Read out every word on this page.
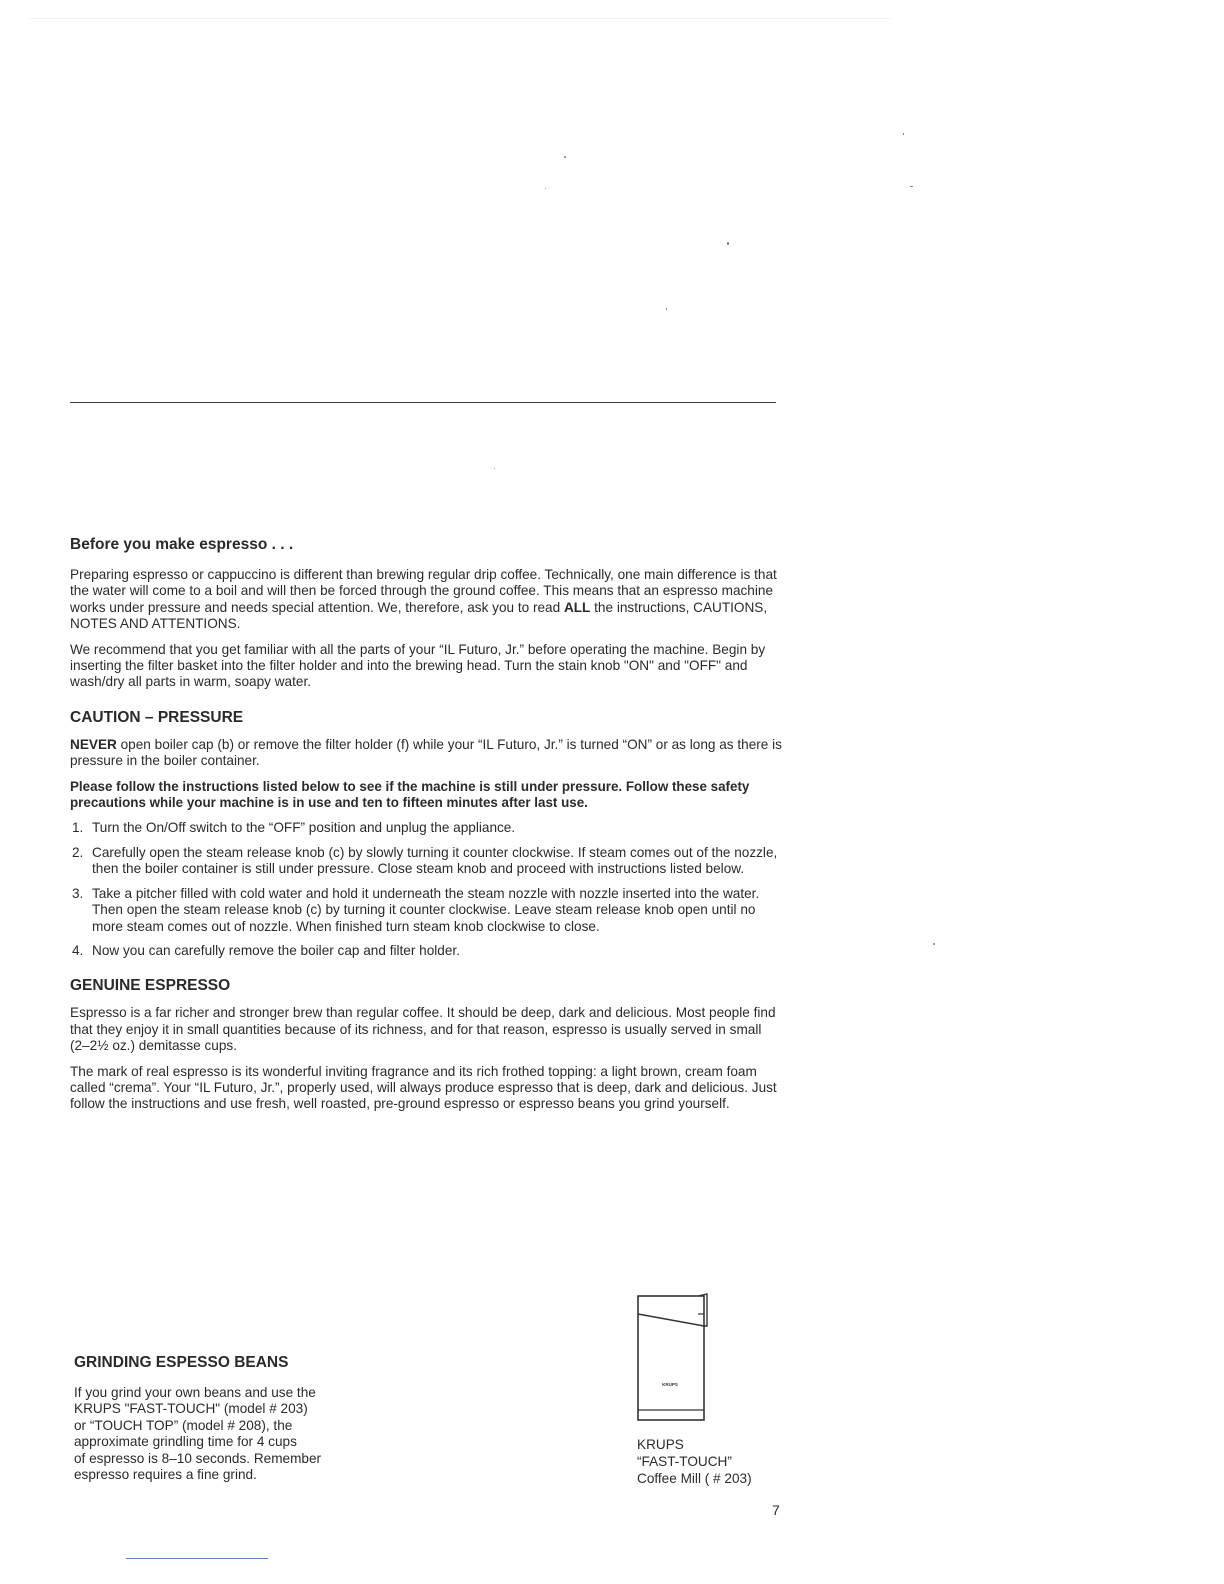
Before you make espresso . . .

Preparing espresso or cappuccino is different than brewing regular drip coffee. Technically, one main difference is that the water will come to a boil and will then be forced through the ground coffee. This means that an espresso machine works under pressure and needs special attention. We, therefore, ask you to read ALL the instructions, CAUTIONS, NOTES AND ATTENTIONS.

We recommend that you get familiar with all the parts of your “IL Futuro, Jr.” before operating the machine. Begin by inserting the filter basket into the filter holder and into the brewing head. Turn the stain knob "ON" and "OFF" and wash/dry all parts in warm, soapy water.

CAUTION – PRESSURE

NEVER open boiler cap (b) or remove the filter holder (f) while your “IL Futuro, Jr.” is turned “ON” or as long as there is pressure in the boiler container.

Please follow the instructions listed below to see if the machine is still under pressure. Follow these safety precautions while your machine is in use and ten to fifteen minutes after last use.

1. Turn the On/Off switch to the “OFF” position and unplug the appliance.
2. Carefully open the steam release knob (c) by slowly turning it counter clockwise. If steam comes out of the nozzle, then the boiler container is still under pressure. Close steam knob and proceed with instructions listed below.
3. Take a pitcher filled with cold water and hold it underneath the steam nozzle with nozzle inserted into the water. Then open the steam release knob (c) by turning it counter clockwise. Leave steam release knob open until no more steam comes out of nozzle. When finished turn steam knob clockwise to close.
4. Now you can carefully remove the boiler cap and filter holder.
GENUINE ESPRESSO

Espresso is a far richer and stronger brew than regular coffee. It should be deep, dark and delicious. Most people find that they enjoy it in small quantities because of its richness, and for that reason, espresso is usually served in small (2–2½ oz.) demitasse cups.

The mark of real espresso is its wonderful inviting fragrance and its rich frothed topping: a light brown, cream foam called “crema”. Your “IL Futuro, Jr.”, properly used, will always produce espresso that is deep, dark and delicious. Just follow the instructions and use fresh, well roasted, pre-ground espresso or espresso beans you grind yourself.

GRINDING ESPESSO BEANS

If you grind your own beans and use the
KRUPS "FAST-TOUCH" (model # 203)
or “TOUCH TOP” (model # 208), the
approximate grindling time for 4 cups
of espresso is 8–10 seconds. Remember
espresso requires a fine grind.

KRUPS
KRUPS
“FAST-TOUCH”
Coffee Mill ( # 203)
7
